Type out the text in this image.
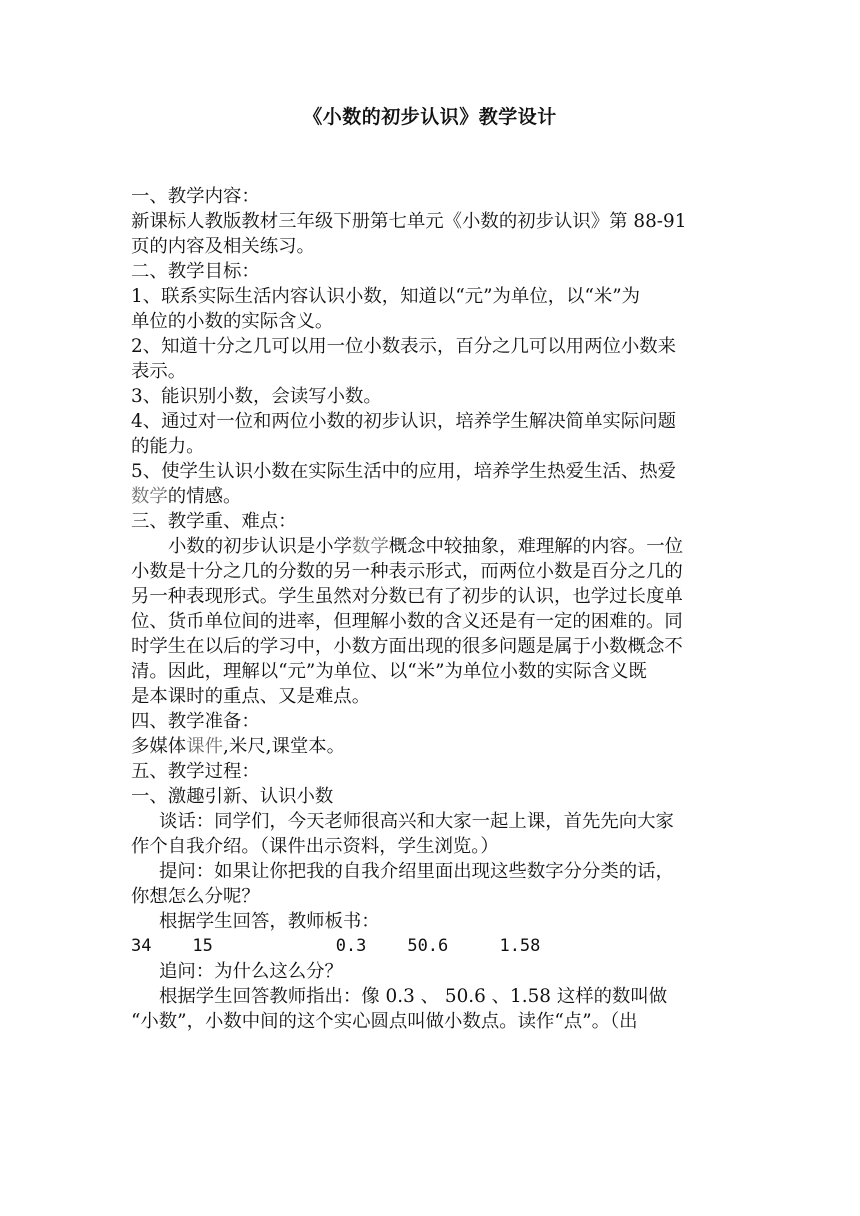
《小数的初步认识》教学设计
一、教学内容：
新课标人教版教材三年级下册第七单元《小数的初步认识》第 88-91
页的内容及相关练习。
二、教学目标：
1、联系实际生活内容认识小数，知道以“元”为单位，以“米”为
单位的小数的实际含义。
2、知道十分之几可以用一位小数表示，百分之几可以用两位小数来
表示。
3、能识别小数，会读写小数。
4、通过对一位和两位小数的初步认识，培养学生解决简单实际问题
的能力。
5、使学生认识小数在实际生活中的应用，培养学生热爱生活、热爱
数学的情感。
三、教学重、难点：
小数的初步认识是小学数学概念中较抽象，难理解的内容。一位
小数是十分之几的分数的另一种表示形式，而两位小数是百分之几的
另一种表现形式。学生虽然对分数已有了初步的认识，也学过长度单
位、货币单位间的进率，但理解小数的含义还是有一定的困难的。同
时学生在以后的学习中，小数方面出现的很多问题是属于小数概念不
清。因此，理解以“元”为单位、以“米”为单位小数的实际含义既
是本课时的重点、又是难点。
四、教学准备：
多媒体课件,米尺,课堂本。
五、教学过程：
一、激趣引新、认识小数
谈话：同学们，今天老师很高兴和大家一起上课，首先先向大家
作个自我介绍。（课件出示资料，学生浏览。）
提问：如果让你把我的自我介绍里面出现这些数字分分类的话，
你想怎么分呢？
根据学生回答，教师板书：
34    15            0.3    50.6     1.58
追问：为什么这么分？
根据学生回答教师指出：像 0.3 、 50.6 、1.58 这样的数叫做
“小数”，小数中间的这个实心圆点叫做小数点。读作“点”。（出
